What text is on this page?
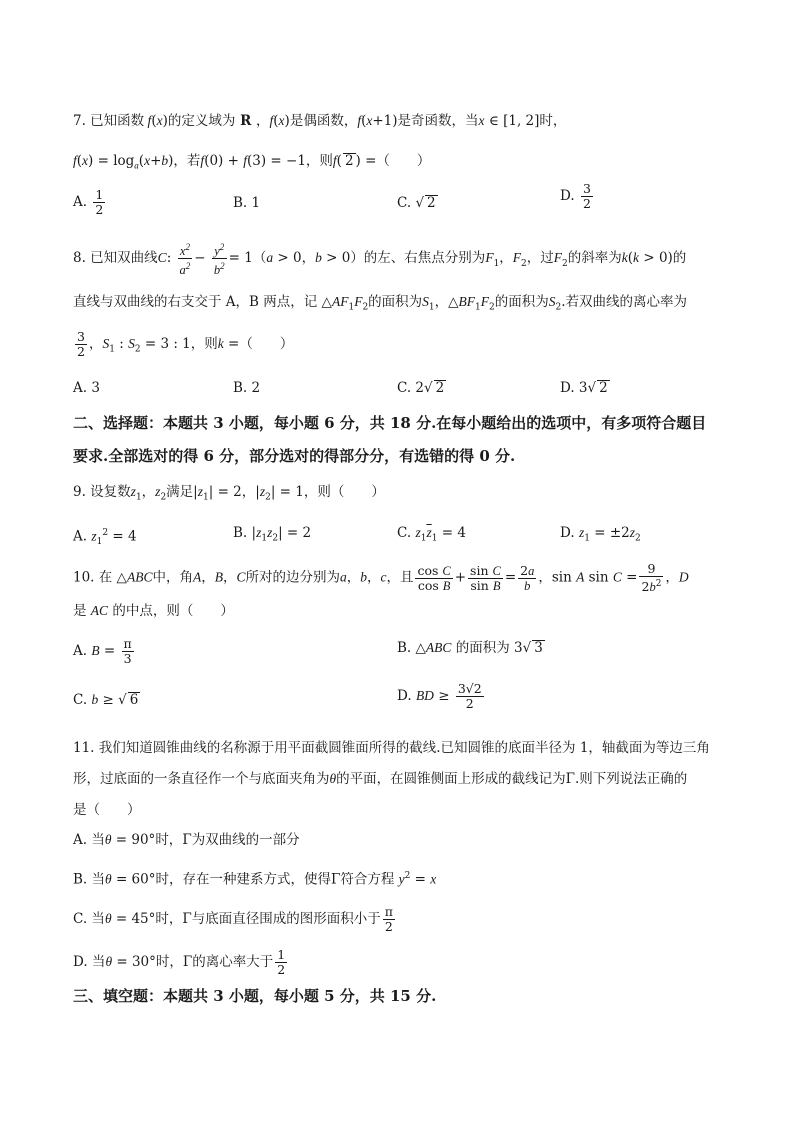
7. 已知函数 f(x)的定义域为 R ，f(x)是偶函数，f(x+1)是奇函数，当x ∈ [1, 2]时，
$f(x) = \log_a(x+b)$，若f(0) + f(3) = −1，则f( 2 ) =（　　）
A. $\frac{1}{2}$	B. 1	C. √ 2	D. $\frac{3}{2}$
8. 已知双曲线C: $\frac{x^2}{a^2} - \frac{y^2}{b^2} = 1(a > 0$，b > 0）的左、右焦点分别为$F_1$，$F_2$，过$F_2$的斜率为k(k > 0)的
直线与双曲线的右支交于 A，B 两点，记 $\triangle AF_1F_2$的面积为$S_1$，$\triangle BF_1F_2$的面积为$S_2$.若双曲线的离心率为
$\frac{3}{2}$ ，$S_1$ : $S_2 = 3$ : 1，则k =（　　）
A. 3	B. 2	C. 2√ 2	D. 3√ 2
二、选择题：本题共 3 小题，每小题 6 分，共 18 分.在每小题给出的选项中，有多项符合题目
要求.全部选对的得 6 分，部分选对的得部分分，有选错的得 0 分.
9. 设复数$z_1$，$z_2$满足$|z_1| = 2$，$|z_2| = 1$，则（　　）
A. $z_1^2 = 4$	B. $|z_1z_2| = 2$	C. $z_1\overline{z}_1 = 4$	D. $z_1 = \pm 2z_2$
10. 在 △ABC中，角A，B，C所对的边分别为a，b，c，且 $\frac{\text{cos C}}{\text{cos B}} + \frac{\text{sin C}}{\text{sin B}} = \frac{2a}{b}$ ，sin A $\sin C = \frac{9}{2b^2}$ ，D
是 AC 的中点，则（　　）
A. $B = \frac{\pi}{3}$	B. △ABC 的面积为 3√ 3
C. b ≥ √ 6	D. BD ≥ $\frac{3√2}{2}$
11. 我们知道圆锥曲线的名称源于用平面截圆锥面所得的截线.已知圆锥的底面半径为 1，轴截面为等边三角
形，过底面的一条直径作一个与底面夹角为θ的平面，在圆锥侧面上形成的截线记为Γ.则下列说法正确的
是（　　）
A. 当θ = 90°时，Γ为双曲线的一部分
B. 当θ = 60°时，存在一种建系方式，使得Γ符合方程 $y^2 = x$
C. 当θ = 45°时，Γ与底面直径围成的图形面积小于 $\frac{\pi}{2}$
D. 当θ = 30°时，Γ的离心率大于 $\frac{1}{2}$
三、填空题：本题共 3 小题，每小题 5 分，共 15 分.
